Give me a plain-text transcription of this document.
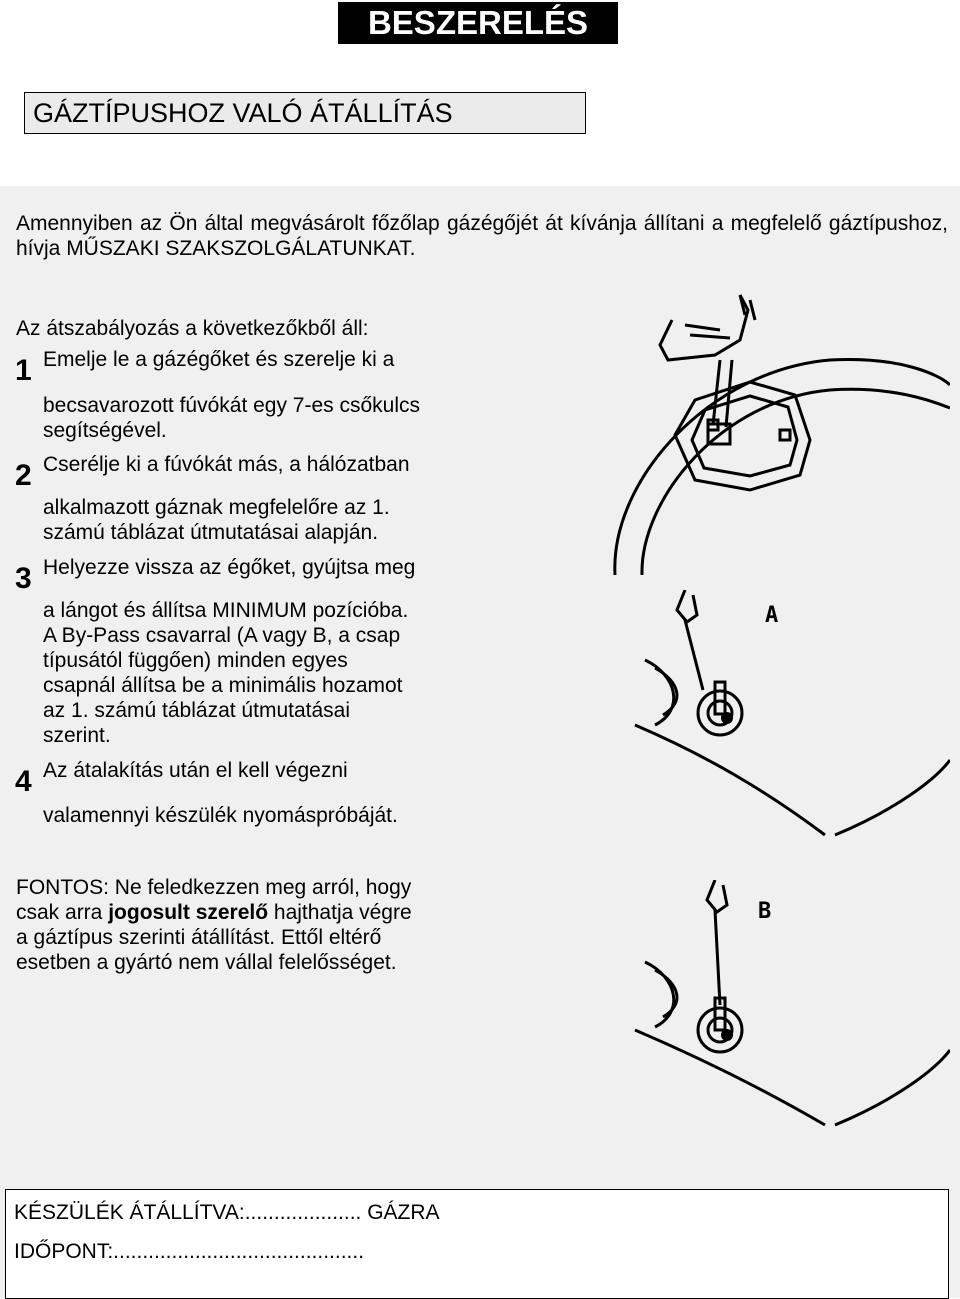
BESZERELÉS
GÁZTÍPUSHOZ VALÓ ÁTÁLLÍTÁS
Amennyiben az Ön által megvásárolt főzőlap gázégőjét át kívánja állítani a megfelelő gáztípushoz, hívja MŰSZAKI SZAKSZOLGÁLATUNKAT.
Az átszabályozás a következőkből áll:
1 Emelje le a gázégőket és szerelje ki a
becsavarozott fúvókát egy 7-es csőkulcs
segítségével.
2 Cserélje ki a fúvókát más, a hálózatban
alkalmazott gáznak megfelelőre az 1.
számú táblázat útmutatásai alapján.
3 Helyezze vissza az égőket, gyújtsa meg
a lángot és állítsa MINIMUM pozícióba.
A By-Pass csavarral (A vagy B, a csap
típusától függően) minden egyes
csapnál állítsa be a minimális hozamot
az 1. számú táblázat útmutatásai
szerint.
4 Az átalakítás után el kell végezni
valamennyi készülék nyomáspróbáját.
FONTOS: Ne feledkezzen meg arról, hogy
csak arra jogosult szerelő hajthatja végre
a gáztípus szerinti átállítást. Ettől eltérő
esetben a gyártó nem vállal felelősséget.
A
B
KÉSZÜLÉK ÁTÁLLÍTVA:.................... GÁZRA
IDŐPONT:...........................................
